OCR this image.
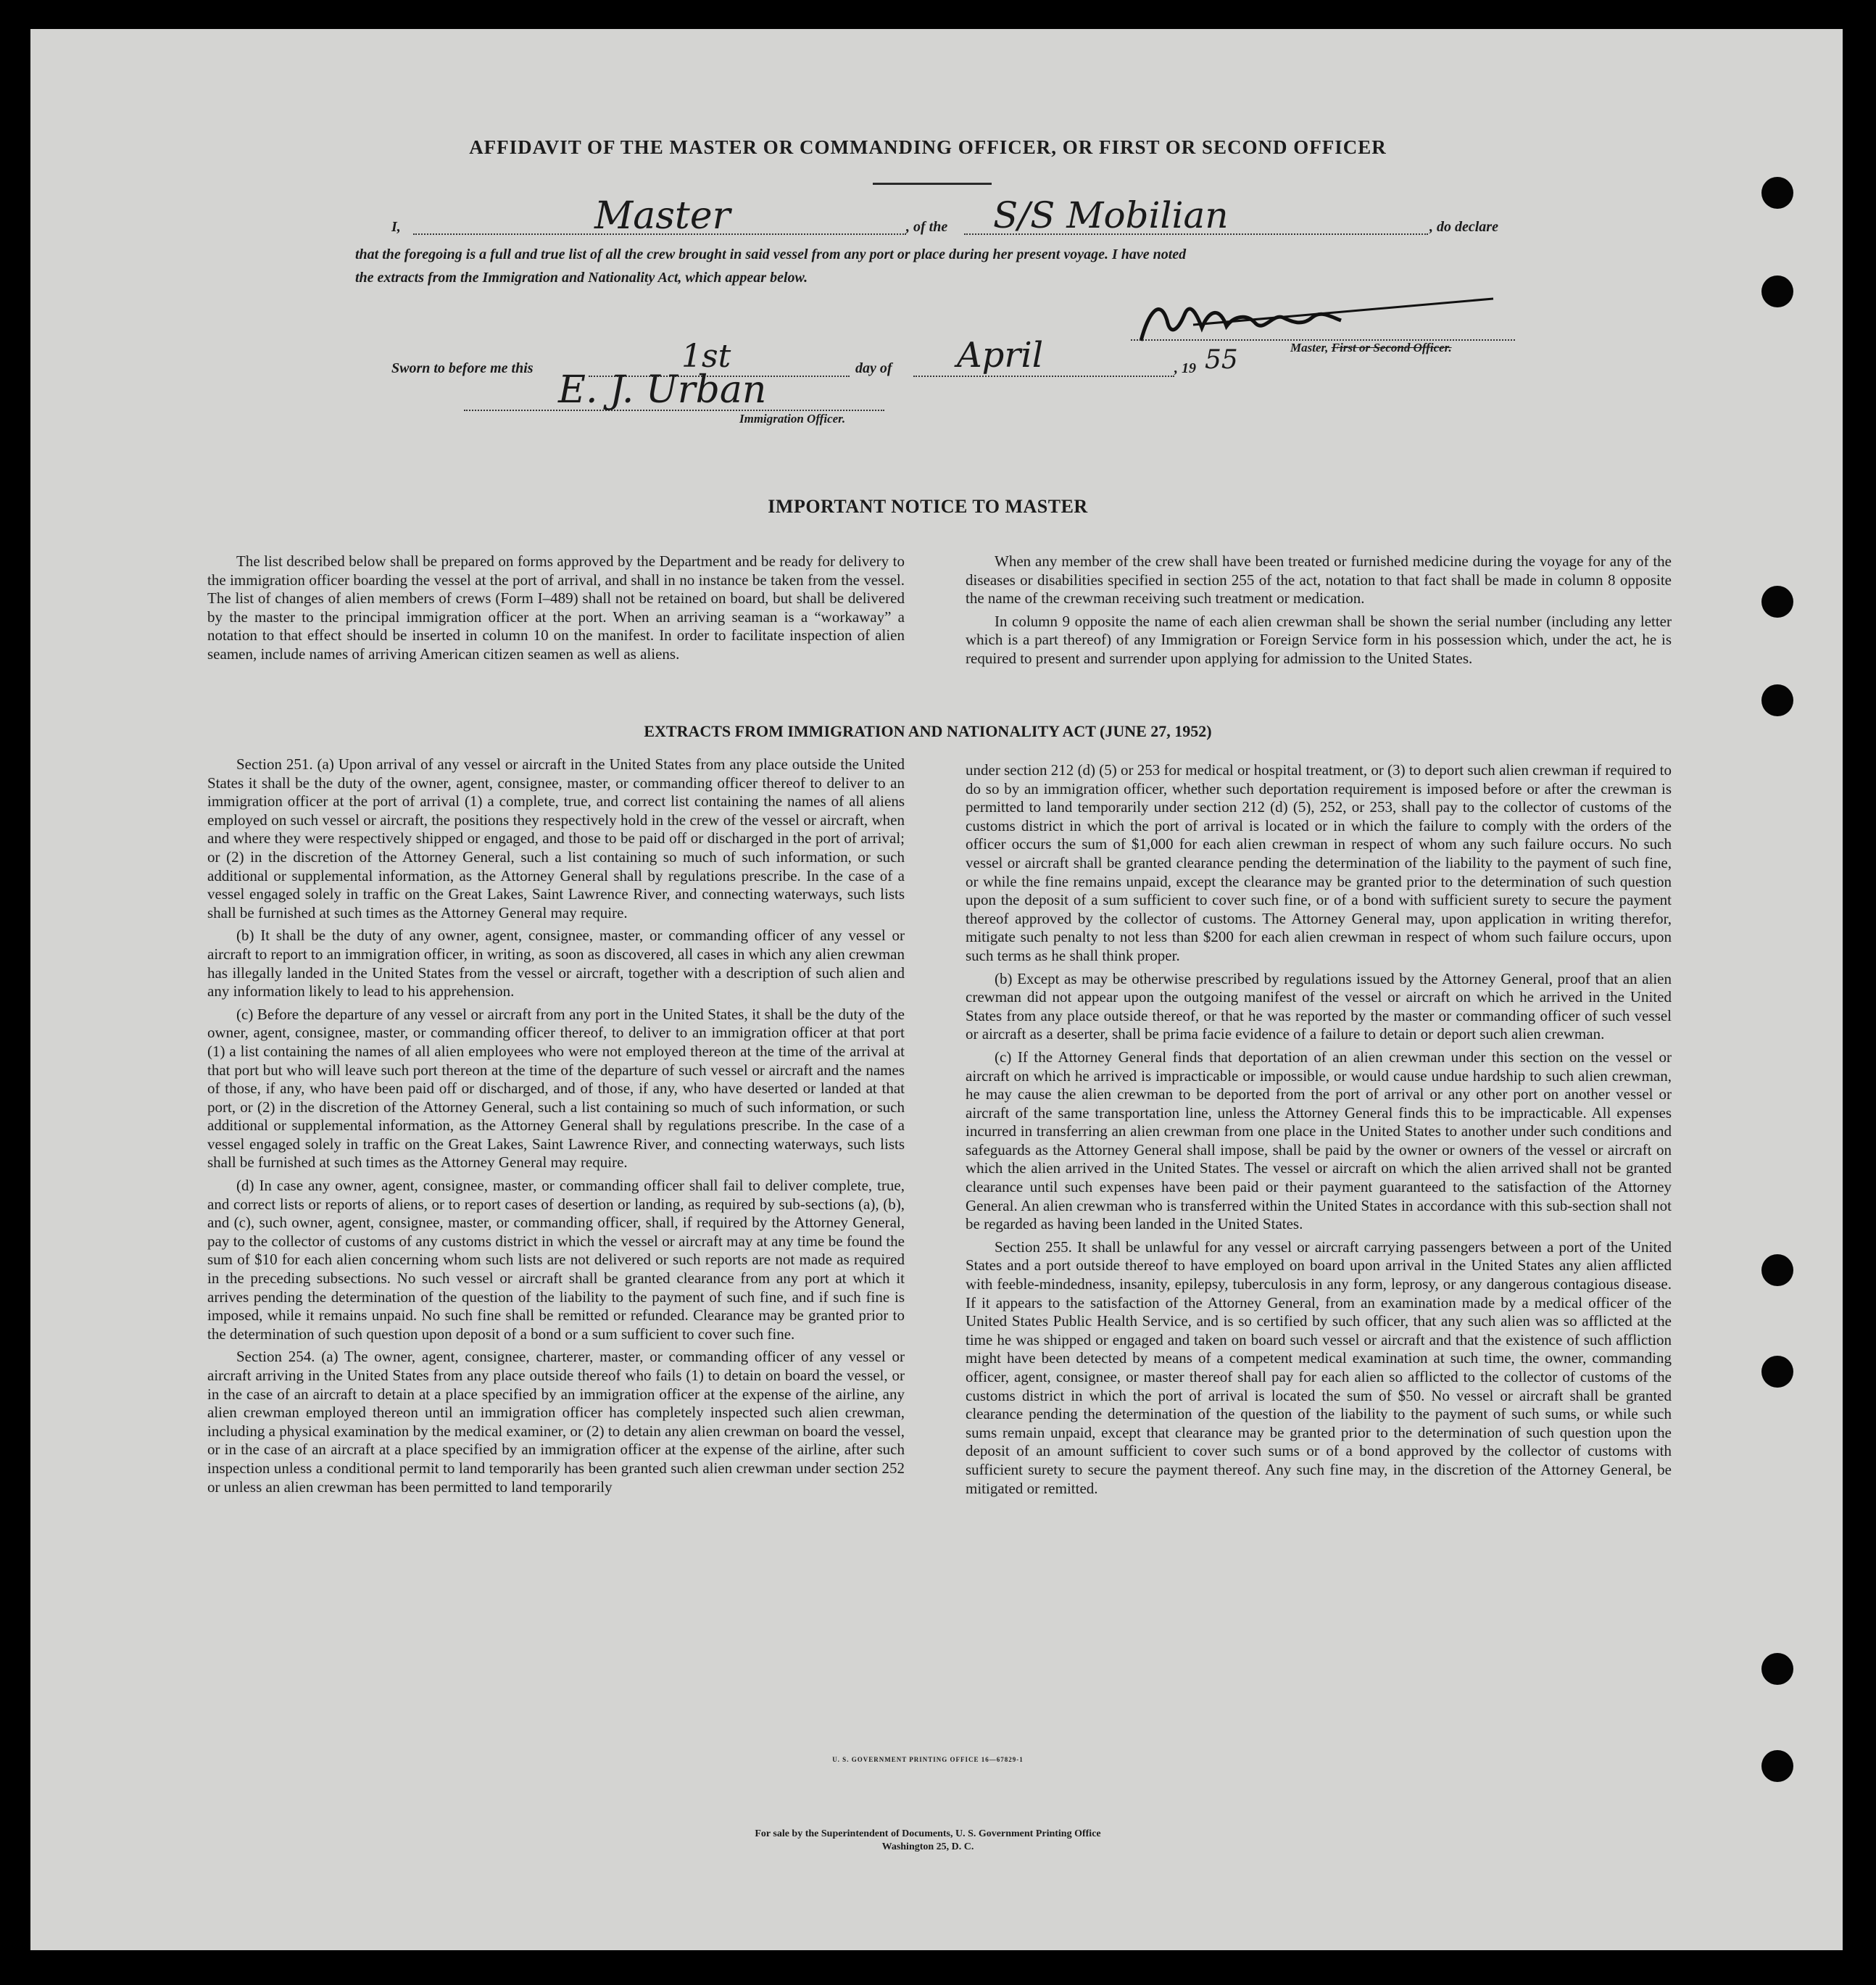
AFFIDAVIT OF THE MASTER OR COMMANDING OFFICER, OR FIRST OR SECOND OFFICER
I,	Master	, of the S/S Mobilian	, do declare
that the foregoing is a full and true list of all the crew brought in said vessel from any port or place during her present voyage. I have noted
the extracts from the Immigration and Nationality Act, which appear below.
Master, First or Second Officer.
Sworn to before me this	1st	day of April	, 19 55
E. J. Urban
Immigration Officer.
IMPORTANT NOTICE TO MASTER

The list described below shall be prepared on forms approved by the Department and be ready for delivery to the immigration officer boarding the vessel at the port of arrival, and shall in no instance be taken from the vessel. The list of changes of alien members of crews (Form I–489) shall not be retained on board, but shall be delivered by the master to the principal immigration officer at the port. When an arriving seaman is a “workaway” a notation to that effect should be inserted in column 10 on the manifest. In order to facilitate inspection of alien seamen, include names of arriving American citizen seamen as well as aliens.

When any member of the crew shall have been treated or furnished medicine during the voyage for any of the diseases or disabilities specified in section 255 of the act, notation to that fact shall be made in column 8 opposite the name of the crewman receiving such treatment or medication.

In column 9 opposite the name of each alien crewman shall be shown the serial number (including any letter which is a part thereof) of any Immigration or Foreign Service form in his possession which, under the act, he is required to present and surrender upon applying for admission to the United States.

EXTRACTS FROM IMMIGRATION AND NATIONALITY ACT (JUNE 27, 1952)

Section 251. (a) Upon arrival of any vessel or aircraft in the United States from any place outside the United States it shall be the duty of the owner, agent, consignee, master, or commanding officer thereof to deliver to an immigration officer at the port of arrival (1) a complete, true, and correct list containing the names of all aliens employed on such vessel or aircraft, the positions they respectively hold in the crew of the vessel or aircraft, when and where they were respectively shipped or engaged, and those to be paid off or discharged in the port of arrival; or (2) in the discretion of the Attorney General, such a list containing so much of such information, or such additional or supplemental information, as the Attorney General shall by regulations prescribe. In the case of a vessel engaged solely in traffic on the Great Lakes, Saint Lawrence River, and connecting waterways, such lists shall be furnished at such times as the Attorney General may require.

(b) It shall be the duty of any owner, agent, consignee, master, or commanding officer of any vessel or aircraft to report to an immigration officer, in writing, as soon as discovered, all cases in which any alien crewman has illegally landed in the United States from the vessel or aircraft, together with a description of such alien and any information likely to lead to his apprehension.

(c) Before the departure of any vessel or aircraft from any port in the United States, it shall be the duty of the owner, agent, consignee, master, or commanding officer thereof, to deliver to an immigration officer at that port (1) a list containing the names of all alien employees who were not employed thereon at the time of the arrival at that port but who will leave such port thereon at the time of the departure of such vessel or aircraft and the names of those, if any, who have been paid off or discharged, and of those, if any, who have deserted or landed at that port, or (2) in the discretion of the Attorney General, such a list containing so much of such information, or such additional or supplemental information, as the Attorney General shall by regulations prescribe. In the case of a vessel engaged solely in traffic on the Great Lakes, Saint Lawrence River, and connecting waterways, such lists shall be furnished at such times as the Attorney General may require.

(d) In case any owner, agent, consignee, master, or commanding officer shall fail to deliver complete, true, and correct lists or reports of aliens, or to report cases of desertion or landing, as required by sub-sections (a), (b), and (c), such owner, agent, consignee, master, or commanding officer, shall, if required by the Attorney General, pay to the collector of customs of any customs district in which the vessel or aircraft may at any time be found the sum of $10 for each alien concerning whom such lists are not delivered or such reports are not made as required in the preceding subsections. No such vessel or aircraft shall be granted clearance from any port at which it arrives pending the determination of the question of the liability to the payment of such fine, and if such fine is imposed, while it remains unpaid. No such fine shall be remitted or refunded. Clearance may be granted prior to the determination of such question upon deposit of a bond or a sum sufficient to cover such fine.

Section 254. (a) The owner, agent, consignee, charterer, master, or commanding officer of any vessel or aircraft arriving in the United States from any place outside thereof who fails (1) to detain on board the vessel, or in the case of an aircraft to detain at a place specified by an immigration officer at the expense of the airline, any alien crewman employed thereon until an immigration officer has completely inspected such alien crewman, including a physical examination by the medical examiner, or (2) to detain any alien crewman on board the vessel, or in the case of an aircraft at a place specified by an immigration officer at the expense of the airline, after such inspection unless a conditional permit to land temporarily has been granted such alien crewman under section 252 or unless an alien crewman has been permitted to land temporarily

under section 212 (d) (5) or 253 for medical or hospital treatment, or (3) to deport such alien crewman if required to do so by an immigration officer, whether such deportation requirement is imposed before or after the crewman is permitted to land temporarily under section 212 (d) (5), 252, or 253, shall pay to the collector of customs of the customs district in which the port of arrival is located or in which the failure to comply with the orders of the officer occurs the sum of $1,000 for each alien crewman in respect of whom any such failure occurs. No such vessel or aircraft shall be granted clearance pending the determination of the liability to the payment of such fine, or while the fine remains unpaid, except the clearance may be granted prior to the determination of such question upon the deposit of a sum sufficient to cover such fine, or of a bond with sufficient surety to secure the payment thereof approved by the collector of customs. The Attorney General may, upon application in writing therefor, mitigate such penalty to not less than $200 for each alien crewman in respect of whom such failure occurs, upon such terms as he shall think proper.

(b) Except as may be otherwise prescribed by regulations issued by the Attorney General, proof that an alien crewman did not appear upon the outgoing manifest of the vessel or aircraft on which he arrived in the United States from any place outside thereof, or that he was reported by the master or commanding officer of such vessel or aircraft as a deserter, shall be prima facie evidence of a failure to detain or deport such alien crewman.

(c) If the Attorney General finds that deportation of an alien crewman under this section on the vessel or aircraft on which he arrived is impracticable or impossible, or would cause undue hardship to such alien crewman, he may cause the alien crewman to be deported from the port of arrival or any other port on another vessel or aircraft of the same transportation line, unless the Attorney General finds this to be impracticable. All expenses incurred in transferring an alien crewman from one place in the United States to another under such conditions and safeguards as the Attorney General shall impose, shall be paid by the owner or owners of the vessel or aircraft on which the alien arrived in the United States. The vessel or aircraft on which the alien arrived shall not be granted clearance until such expenses have been paid or their payment guaranteed to the satisfaction of the Attorney General. An alien crewman who is transferred within the United States in accordance with this sub-section shall not be regarded as having been landed in the United States.

Section 255. It shall be unlawful for any vessel or aircraft carrying passengers between a port of the United States and a port outside thereof to have employed on board upon arrival in the United States any alien afflicted with feeble-mindedness, insanity, epilepsy, tuberculosis in any form, leprosy, or any dangerous contagious disease. If it appears to the satisfaction of the Attorney General, from an examination made by a medical officer of the United States Public Health Service, and is so certified by such officer, that any such alien was so afflicted at the time he was shipped or engaged and taken on board such vessel or aircraft and that the existence of such affliction might have been detected by means of a competent medical examination at such time, the owner, commanding officer, agent, consignee, or master thereof shall pay for each alien so afflicted to the collector of customs of the customs district in which the port of arrival is located the sum of $50. No vessel or aircraft shall be granted clearance pending the determination of the question of the liability to the payment of such sums, or while such sums remain unpaid, except that clearance may be granted prior to the determination of such question upon the deposit of an amount sufficient to cover such sums or of a bond approved by the collector of customs with sufficient surety to secure the payment thereof. Any such fine may, in the discretion of the Attorney General, be mitigated or remitted.

U. S. GOVERNMENT PRINTING OFFICE 16—67829-1
For sale by the Superintendent of Documents, U. S. Government Printing Office
Washington 25, D. C.
